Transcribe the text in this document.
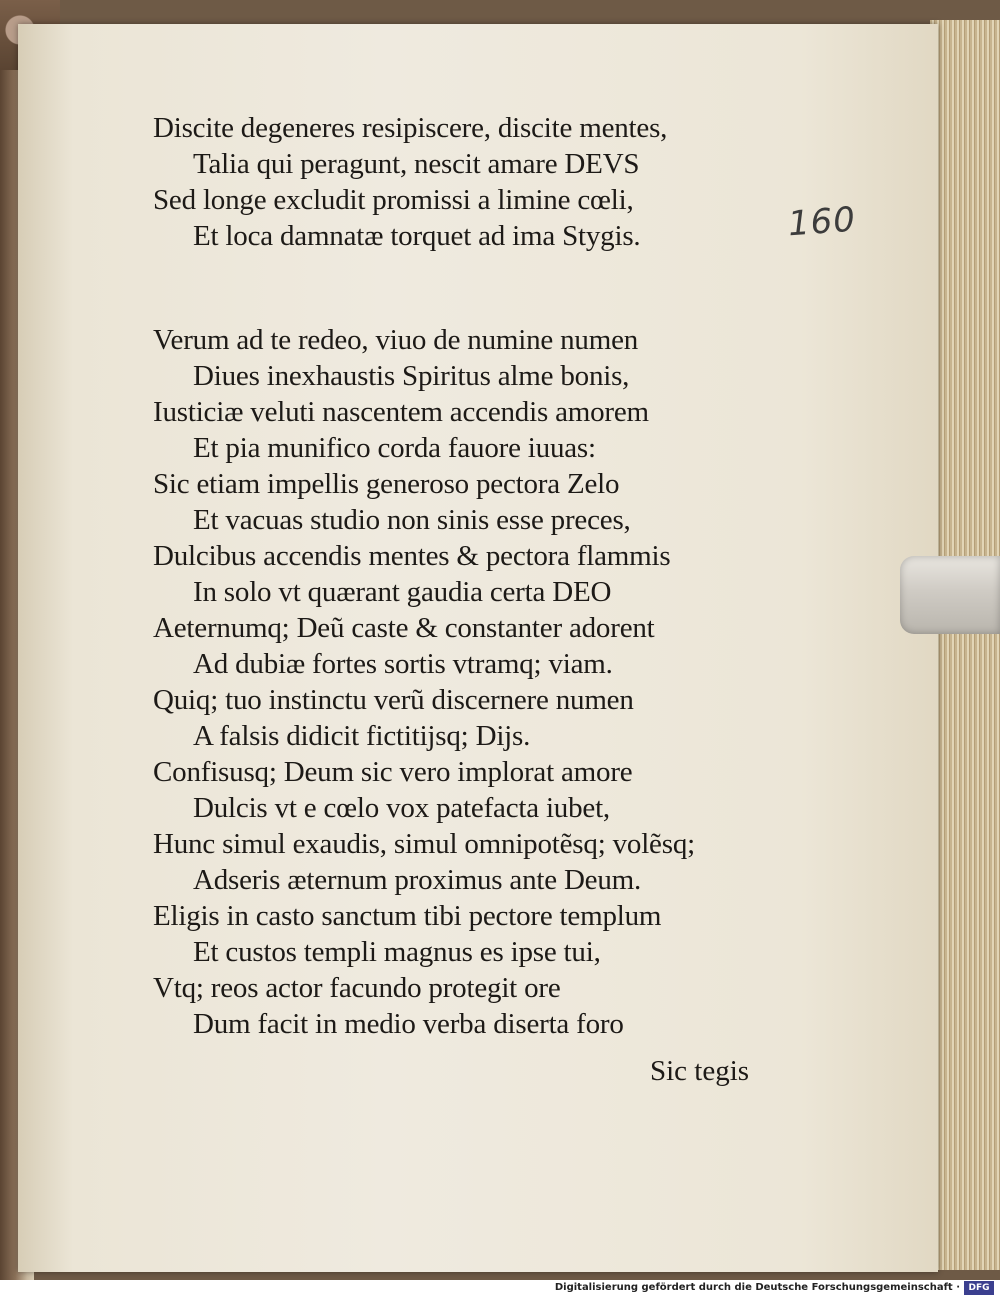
160
Discite degeneres resipiscere, discite mentes,
Talia qui peragunt, nescit amare DEVS
Sed longe excludit promissi a limine cœli,
Et loca damnatæ torquet ad ima Stygis.
Verum ad te redeo, viuo de numine numen
Diues inexhaustis Spiritus alme bonis,
Iusticiæ veluti nascentem accendis amorem
Et pia munifico corda fauore iuuas:
Sic etiam impellis generoso pectora Zelo
Et vacuas studio non sinis esse preces,
Dulcibus accendis mentes & pectora flammis
In solo vt quærant gaudia certa DEO
Aeternumq; Deũ caste & constanter adorent
Ad dubiæ fortes sortis vtramq; viam.
Quiq; tuo instinctu verũ discernere numen
A falsis didicit fictitijsq; Dijs.
Confisusq; Deum sic vero implorat amore
Dulcis vt e cœlo vox patefacta iubet,
Hunc simul exaudis, simul omnipotẽsq; volẽsq;
Adseris æternum proximus ante Deum.
Eligis in casto sanctum tibi pectore templum
Et custos templi magnus es ipse tui,
Vtq; reos actor facundo protegit ore
Dum facit in medio verba diserta foro
Sic tegis
Digitalisierung gefördert durch die Deutsche Forschungsgemeinschaft · DFG
